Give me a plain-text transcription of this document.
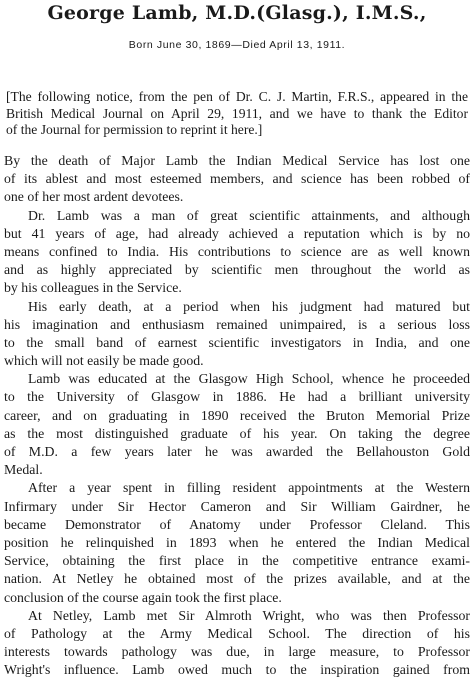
George Lamb, M.D.(Glasg.), I.M.S.,
Born June 30, 1869—Died April 13, 1911.
[The following notice, from the pen of Dr. C. J. Martin, F.R.S., appeared in the
British Medical Journal on April 29, 1911, and we have to thank the Editor
of the Journal for permission to reprint it here.]
By the death of Major Lamb the Indian Medical Service has lost one
of its ablest and most esteemed members, and science has been robbed of
one of her most ardent devotees.
Dr. Lamb was a man of great scientific attainments, and although
but 41 years of age, had already achieved a reputation which is by no
means confined to India. His contributions to science are as well known
and as highly appreciated by scientific men throughout the world as
by his colleagues in the Service.
His early death, at a period when his judgment had matured but
his imagination and enthusiasm remained unimpaired, is a serious loss
to the small band of earnest scientific investigators in India, and one
which will not easily be made good.
Lamb was educated at the Glasgow High School, whence he proceeded
to the University of Glasgow in 1886. He had a brilliant university
career, and on graduating in 1890 received the Bruton Memorial Prize
as the most distinguished graduate of his year. On taking the degree
of M.D. a few years later he was awarded the Bellahouston Gold
Medal.
After a year spent in filling resident appointments at the Western
Infirmary under Sir Hector Cameron and Sir William Gairdner, he
became Demonstrator of Anatomy under Professor Cleland. This
position he relinquished in 1893 when he entered the Indian Medical
Service, obtaining the first place in the competitive entrance exami-
nation. At Netley he obtained most of the prizes available, and at the
conclusion of the course again took the first place.
At Netley, Lamb met Sir Almroth Wright, who was then Professor
of Pathology at the Army Medical School. The direction of his
interests towards pathology was due, in large measure, to Professor
Wright's influence. Lamb owed much to the inspiration gained from
